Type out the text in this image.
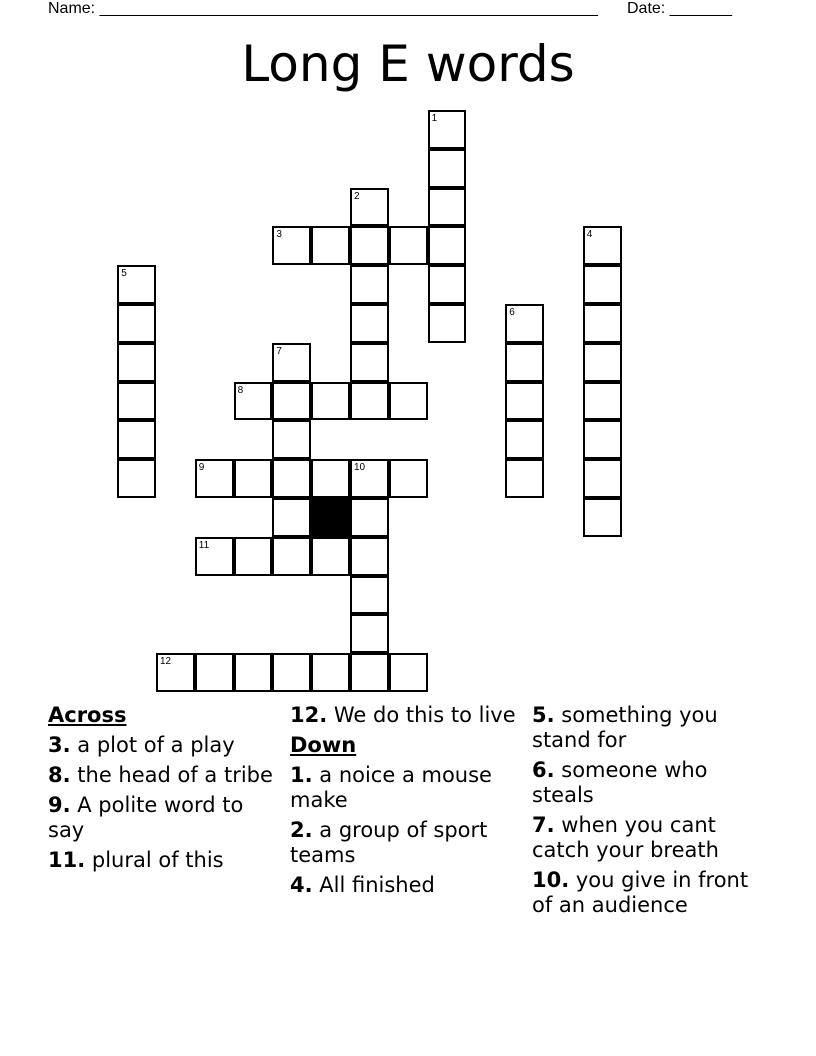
Name: ________________________________________________________ Date: _______
Long E words
1
2
3	4
5
6
7
8
9	10
11
12
Across
3. a plot of a play
8. the head of a tribe
9. A polite word to say
11. plural of this
12. We do this to live
Down
1. a noice a mouse make
2. a group of sport teams
4. All finished
5. something you stand for
6. someone who steals
7. when you cant catch your breath
10. you give in front of an audience
